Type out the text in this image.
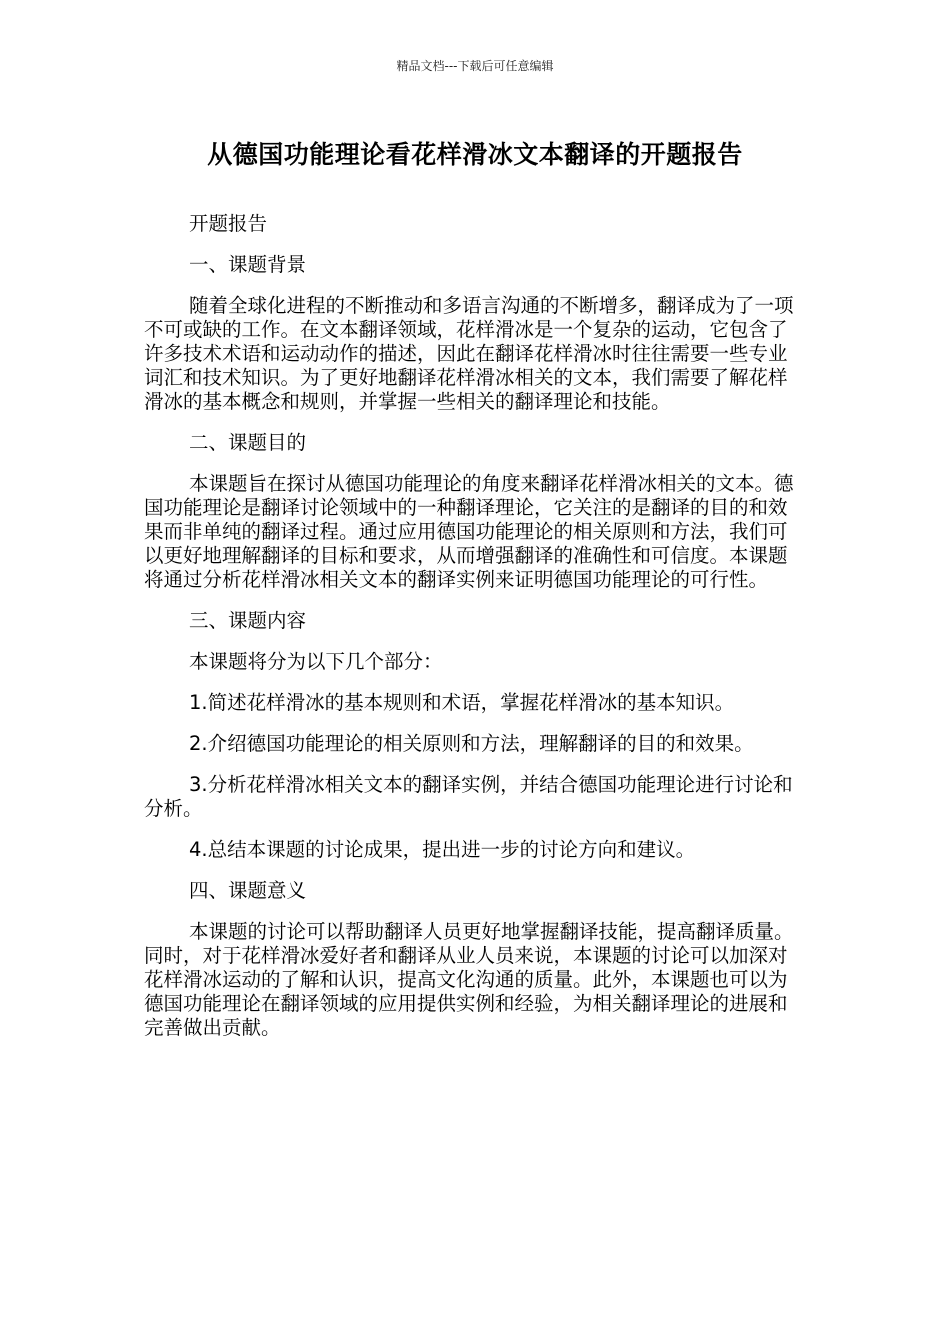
精品文档---下载后可任意编辑
从德国功能理论看花样滑冰文本翻译的开题报告

开题报告

一、课题背景

随着全球化进程的不断推动和多语言沟通的不断增多，翻译成为了一项不可或缺的工作。在文本翻译领域，花样滑冰是一个复杂的运动，它包含了许多技术术语和运动动作的描述，因此在翻译花样滑冰时往往需要一些专业词汇和技术知识。为了更好地翻译花样滑冰相关的文本，我们需要了解花样滑冰的基本概念和规则，并掌握一些相关的翻译理论和技能。

二、课题目的

本课题旨在探讨从德国功能理论的角度来翻译花样滑冰相关的文本。德国功能理论是翻译讨论领域中的一种翻译理论，它关注的是翻译的目的和效果而非单纯的翻译过程。通过应用德国功能理论的相关原则和方法，我们可以更好地理解翻译的目标和要求，从而增强翻译的准确性和可信度。本课题将通过分析花样滑冰相关文本的翻译实例来证明德国功能理论的可行性。

三、课题内容

本课题将分为以下几个部分：

1.简述花样滑冰的基本规则和术语，掌握花样滑冰的基本知识。

2.介绍德国功能理论的相关原则和方法，理解翻译的目的和效果。

3.分析花样滑冰相关文本的翻译实例，并结合德国功能理论进行讨论和分析。

4.总结本课题的讨论成果，提出进一步的讨论方向和建议。

四、课题意义

本课题的讨论可以帮助翻译人员更好地掌握翻译技能，提高翻译质量。同时，对于花样滑冰爱好者和翻译从业人员来说，本课题的讨论可以加深对花样滑冰运动的了解和认识，提高文化沟通的质量。此外，本课题也可以为德国功能理论在翻译领域的应用提供实例和经验，为相关翻译理论的进展和完善做出贡献。
